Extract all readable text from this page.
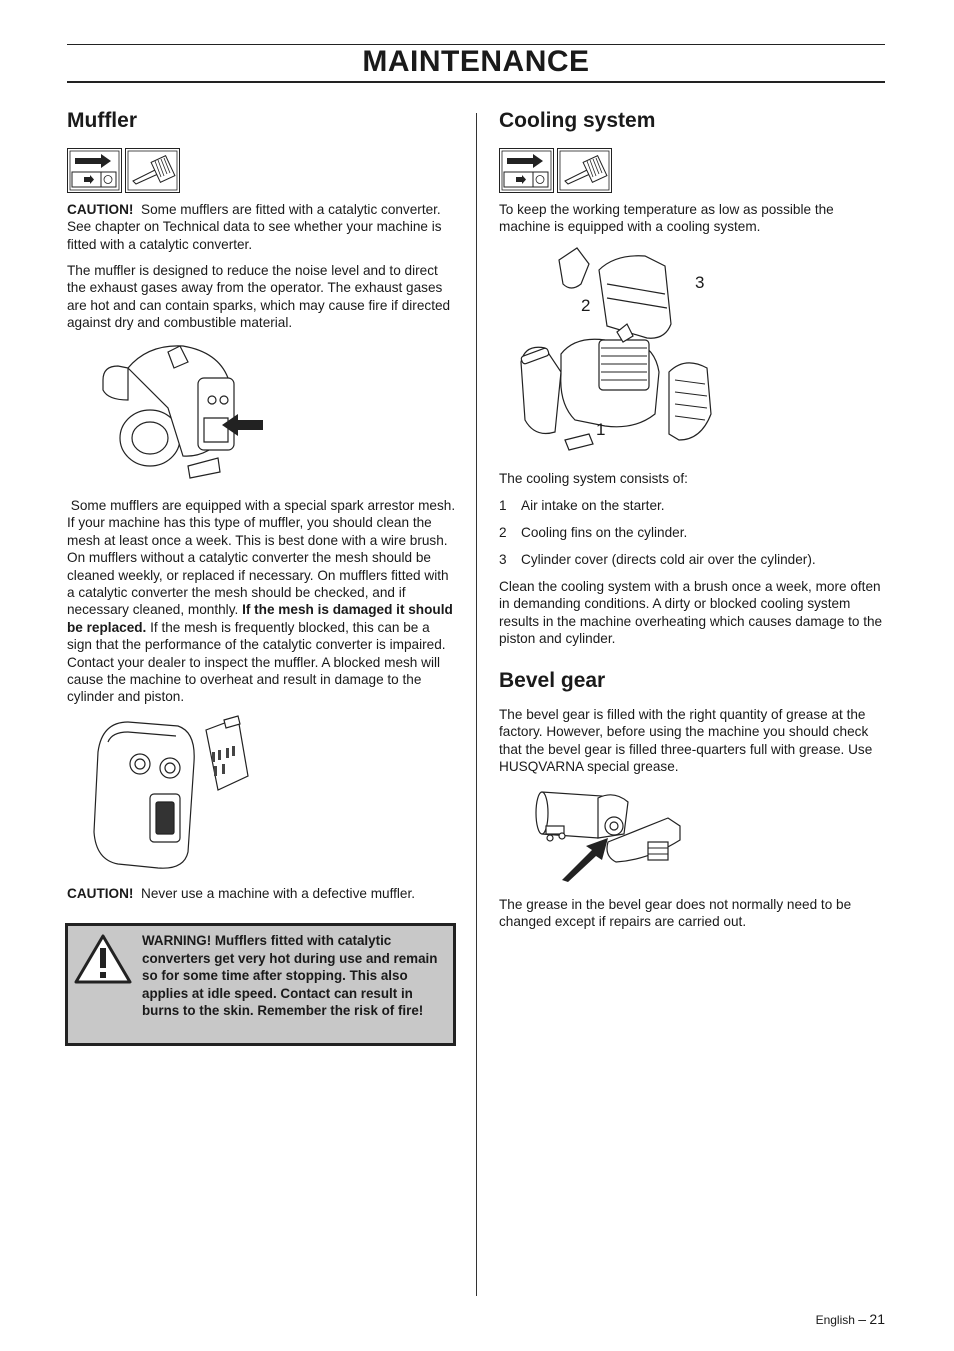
MAINTENANCE
Muffler

CAUTION! Some mufflers are fitted with a catalytic converter. See chapter on Technical data to see whether your machine is fitted with a catalytic converter.

The muffler is designed to reduce the noise level and to direct the exhaust gases away from the operator. The exhaust gases are hot and can contain sparks, which may cause fire if directed against dry and combustible material.

Some mufflers are equipped with a special spark arrestor mesh. If your machine has this type of muffler, you should clean the mesh at least once a week. This is best done with a wire brush. On mufflers without a catalytic converter the mesh should be cleaned weekly, or replaced if necessary. On mufflers fitted with a catalytic converter the mesh should be checked, and if necessary cleaned, monthly. If the mesh is damaged it should be replaced. If the mesh is frequently blocked, this can be a sign that the performance of the catalytic converter is impaired. Contact your dealer to inspect the muffler. A blocked mesh will cause the machine to overheat and result in damage to the cylinder and piston.

CAUTION! Never use a machine with a defective muffler.

WARNING! Mufflers fitted with catalytic converters get very hot during use and remain so for some time after stopping. This also applies at idle speed. Contact can result in burns to the skin. Remember the risk of fire!
Cooling system

To keep the working temperature as low as possible the machine is equipped with a cooling system.

1
2
3

The cooling system consists of:

1 Air intake on the starter.
2 Cooling fins on the cylinder.
3 Cylinder cover (directs cold air over the cylinder).

Clean the cooling system with a brush once a week, more often in demanding conditions. A dirty or blocked cooling system results in the machine overheating which causes damage to the piston and cylinder.

Bevel gear

The bevel gear is filled with the right quantity of grease at the factory. However, before using the machine you should check that the bevel gear is filled three-quarters full with grease. Use HUSQVARNA special grease.

The grease in the bevel gear does not normally need to be changed except if repairs are carried out.

English – 21
